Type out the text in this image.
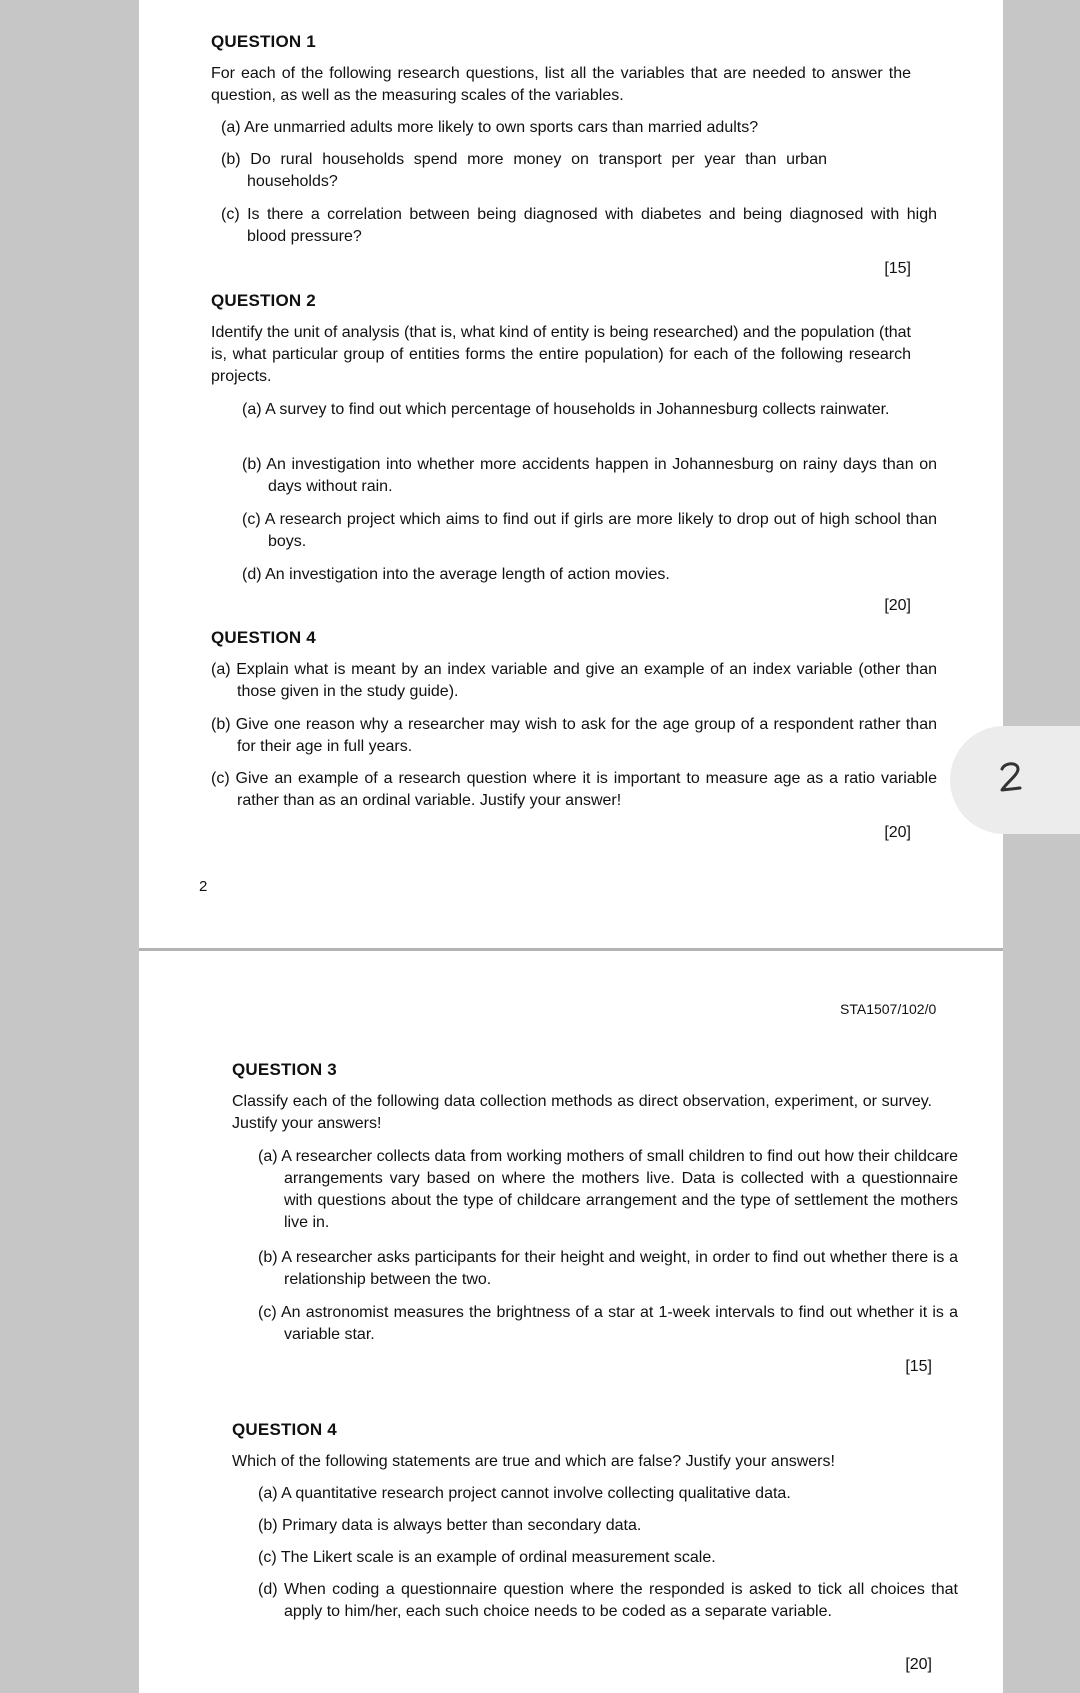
QUESTION 1
For each of the following research questions, list all the variables that are needed to answer the question, as well as the measuring scales of the variables.
(a) Are unmarried adults more likely to own sports cars than married adults?
(b) Do rural households spend more money on transport per year than urban households?
(c) Is there a correlation between being diagnosed with diabetes and being diagnosed with high blood pressure?
[15]
QUESTION 2
Identify the unit of analysis (that is, what kind of entity is being researched) and the population (that is, what particular group of entities forms the entire population) for each of the following research projects.
(a) A survey to find out which percentage of households in Johannesburg collects rainwater.
(b) An investigation into whether more accidents happen in Johannesburg on rainy days than on days without rain.
(c) A research project which aims to find out if girls are more likely to drop out of high school than boys.
(d) An investigation into the average length of action movies.
[20]
QUESTION 4
(a) Explain what is meant by an index variable and give an example of an index variable (other than those given in the study guide).
(b) Give one reason why a researcher may wish to ask for the age group of a respondent rather than for their age in full years.
(c) Give an example of a research question where it is important to measure age as a ratio variable rather than as an ordinal variable. Justify your answer!
[20]
2
STA1507/102/0
QUESTION 3
Classify each of the following data collection methods as direct observation, experiment, or survey. Justify your answers!
(a) A researcher collects data from working mothers of small children to find out how their childcare arrangements vary based on where the mothers live. Data is collected with a questionnaire with questions about the type of childcare arrangement and the type of settlement the mothers live in.
(b) A researcher asks participants for their height and weight, in order to find out whether there is a relationship between the two.
(c) An astronomist measures the brightness of a star at 1-week intervals to find out whether it is a variable star.
[15]
QUESTION 4
Which of the following statements are true and which are false? Justify your answers!
(a) A quantitative research project cannot involve collecting qualitative data.
(b) Primary data is always better than secondary data.
(c) The Likert scale is an example of ordinal measurement scale.
(d) When coding a questionnaire question where the responded is asked to tick all choices that apply to him/her, each such choice needs to be coded as a separate variable.
[20]
